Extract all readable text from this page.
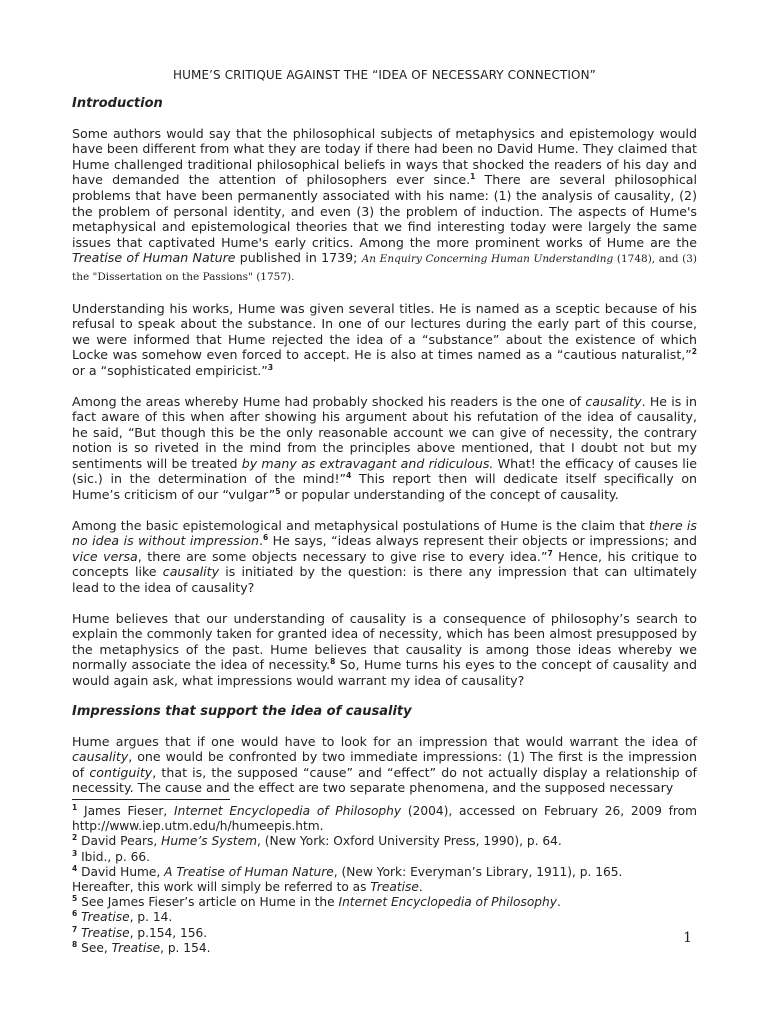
HUME’S CRITIQUE AGAINST THE “IDEA OF NECESSARY CONNECTION”
Introduction

Some authors would say that the philosophical subjects of metaphysics and epistemology would have been different from what they are today if there had been no David Hume. They claimed that Hume challenged traditional philosophical beliefs in ways that shocked the readers of his day and have demanded the attention of philosophers ever since.$^1$ There are several philosophical problems that have been permanently associated with his name: (1) the analysis of causality, (2) the problem of personal identity, and even (3) the problem of induction. The aspects of Hume's metaphysical and epistemological theories that we find interesting today were largely the same issues that captivated Hume's early critics. Among the more prominent works of Hume are the Treatise of Human Nature published in 1739; An Enquiry Concerning Human Understanding (1748), and (3) the "Dissertation on the Passions" (1757).

Understanding his works, Hume was given several titles. He is named as a sceptic because of his refusal to speak about the substance. In one of our lectures during the early part of this course, we were informed that Hume rejected the idea of a “substance” about the existence of which Locke was somehow even forced to accept. He is also at times named as a “cautious naturalist,”$^2$ or a “sophisticated empiricist.”$^3$

Among the areas whereby Hume had probably shocked his readers is the one of causality. He is in fact aware of this when after showing his argument about his refutation of the idea of causality, he said, “But though this be the only reasonable account we can give of necessity, the contrary notion is so riveted in the mind from the principles above mentioned, that I doubt not but my sentiments will be treated by many as extravagant and ridiculous. What! the efficacy of causes lie (sic.) in the determination of the mind!”$^4$ This report then will dedicate itself specifically on Hume’s criticism of our “vulgar”$^5$ or popular understanding of the concept of causality.

Among the basic epistemological and metaphysical postulations of Hume is the claim that there is no idea is without impression.$^6$ He says, “ideas always represent their objects or impressions; and vice versa, there are some objects necessary to give rise to every idea.”$^7$ Hence, his critique to concepts like causality is initiated by the question: is there any impression that can ultimately lead to the idea of causality?

Hume believes that our understanding of causality is a consequence of philosophy’s search to explain the commonly taken for granted idea of necessity, which has been almost presupposed by the metaphysics of the past. Hume believes that causality is among those ideas whereby we normally associate the idea of necessity.$^8$ So, Hume turns his eyes to the concept of causality and would again ask, what impressions would warrant my idea of causality?

Impressions that support the idea of causality

Hume argues that if one would have to look for an impression that would warrant the idea of causality, one would be confronted by two immediate impressions: (1) The first is the impression of contiguity, that is, the supposed “cause” and “effect” do not actually display a relationship of necessity. The cause and the effect are two separate phenomena, and the supposed necessary

$^1$ James Fieser, Internet Encyclopedia of Philosophy (2004), accessed on February 26, 2009 from http://www.iep.utm.edu/h/humeepis.htm.

$^2$ David Pears, Hume’s System, (New York: Oxford University Press, 1990), p. 64.

$^3$ Ibid., p. 66.

$^4$ David Hume, A Treatise of Human Nature, (New York: Everyman’s Library, 1911), p. 165.
Hereafter, this work will simply be referred to as Treatise.

$^5$ See James Fieser’s article on Hume in the Internet Encyclopedia of Philosophy.

$^6$ Treatise, p. 14.

$^7$ Treatise, p.154, 156.

$^8$ See, Treatise, p. 154.

1
